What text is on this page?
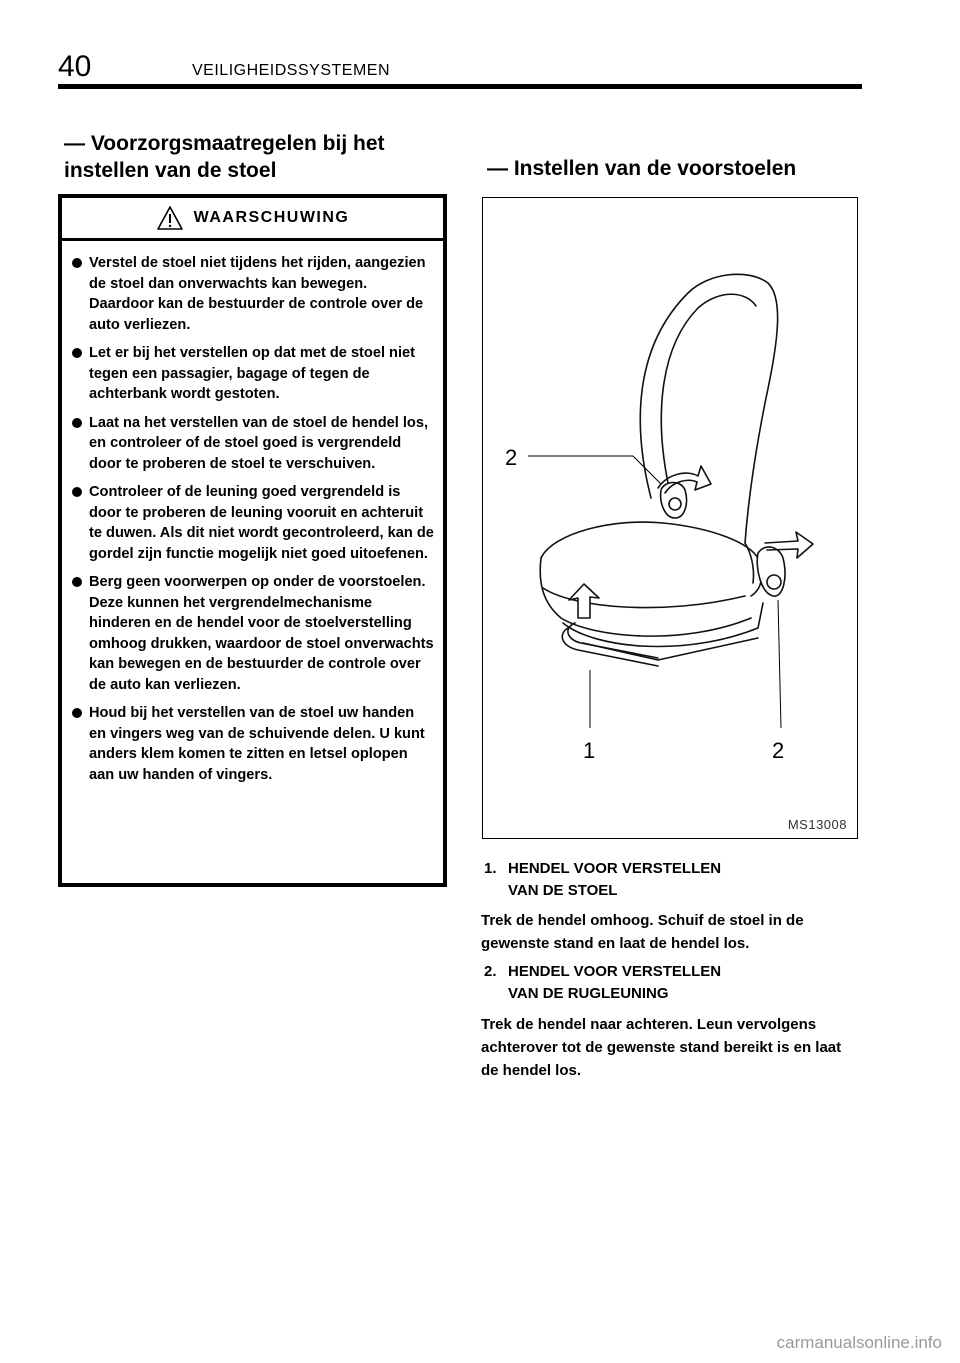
40	VEILIGHEIDSSYSTEMEN
— Voorzorgsmaatregelen bij het
instellen van de stoel	— Instellen van de voorstoelen
WAARSCHUWING
Verstel de stoel niet tijdens het rijden, aangezien de stoel dan onverwachts kan bewegen. Daardoor kan de bestuurder de controle over de auto verliezen.
Let er bij het verstellen op dat met de stoel niet tegen een passagier, bagage of tegen de achterbank wordt gestoten.
Laat na het verstellen van de stoel de hendel los, en controleer of de stoel goed is vergrendeld door te proberen de stoel te verschuiven.
Controleer of de leuning goed vergrendeld is door te proberen de leuning vooruit en achteruit te duwen. Als dit niet wordt gecontroleerd, kan de gordel zijn functie mogelijk niet goed uitoefenen.
Berg geen voorwerpen op onder de voorstoelen. Deze kunnen het vergrendelmechanisme hinderen en de hendel voor de stoelverstelling omhoog drukken, waardoor de stoel onverwachts kan bewegen en de bestuurder de controle over de auto kan verliezen.
Houd bij het verstellen van de stoel uw handen en vingers weg van de schuivende delen. U kunt anders klem komen te zitten en letsel oplopen aan uw handen of vingers.
2
1	2
MS13008
1. HENDEL VOOR VERSTELLEN
VAN DE STOEL
Trek de hendel omhoog. Schuif de stoel in de gewenste stand en laat de hendel los.
2. HENDEL VOOR VERSTELLEN
VAN DE RUGLEUNING
Trek de hendel naar achteren. Leun vervolgens achterover tot de gewenste stand bereikt is en laat de hendel los.
carmanualsonline.info
